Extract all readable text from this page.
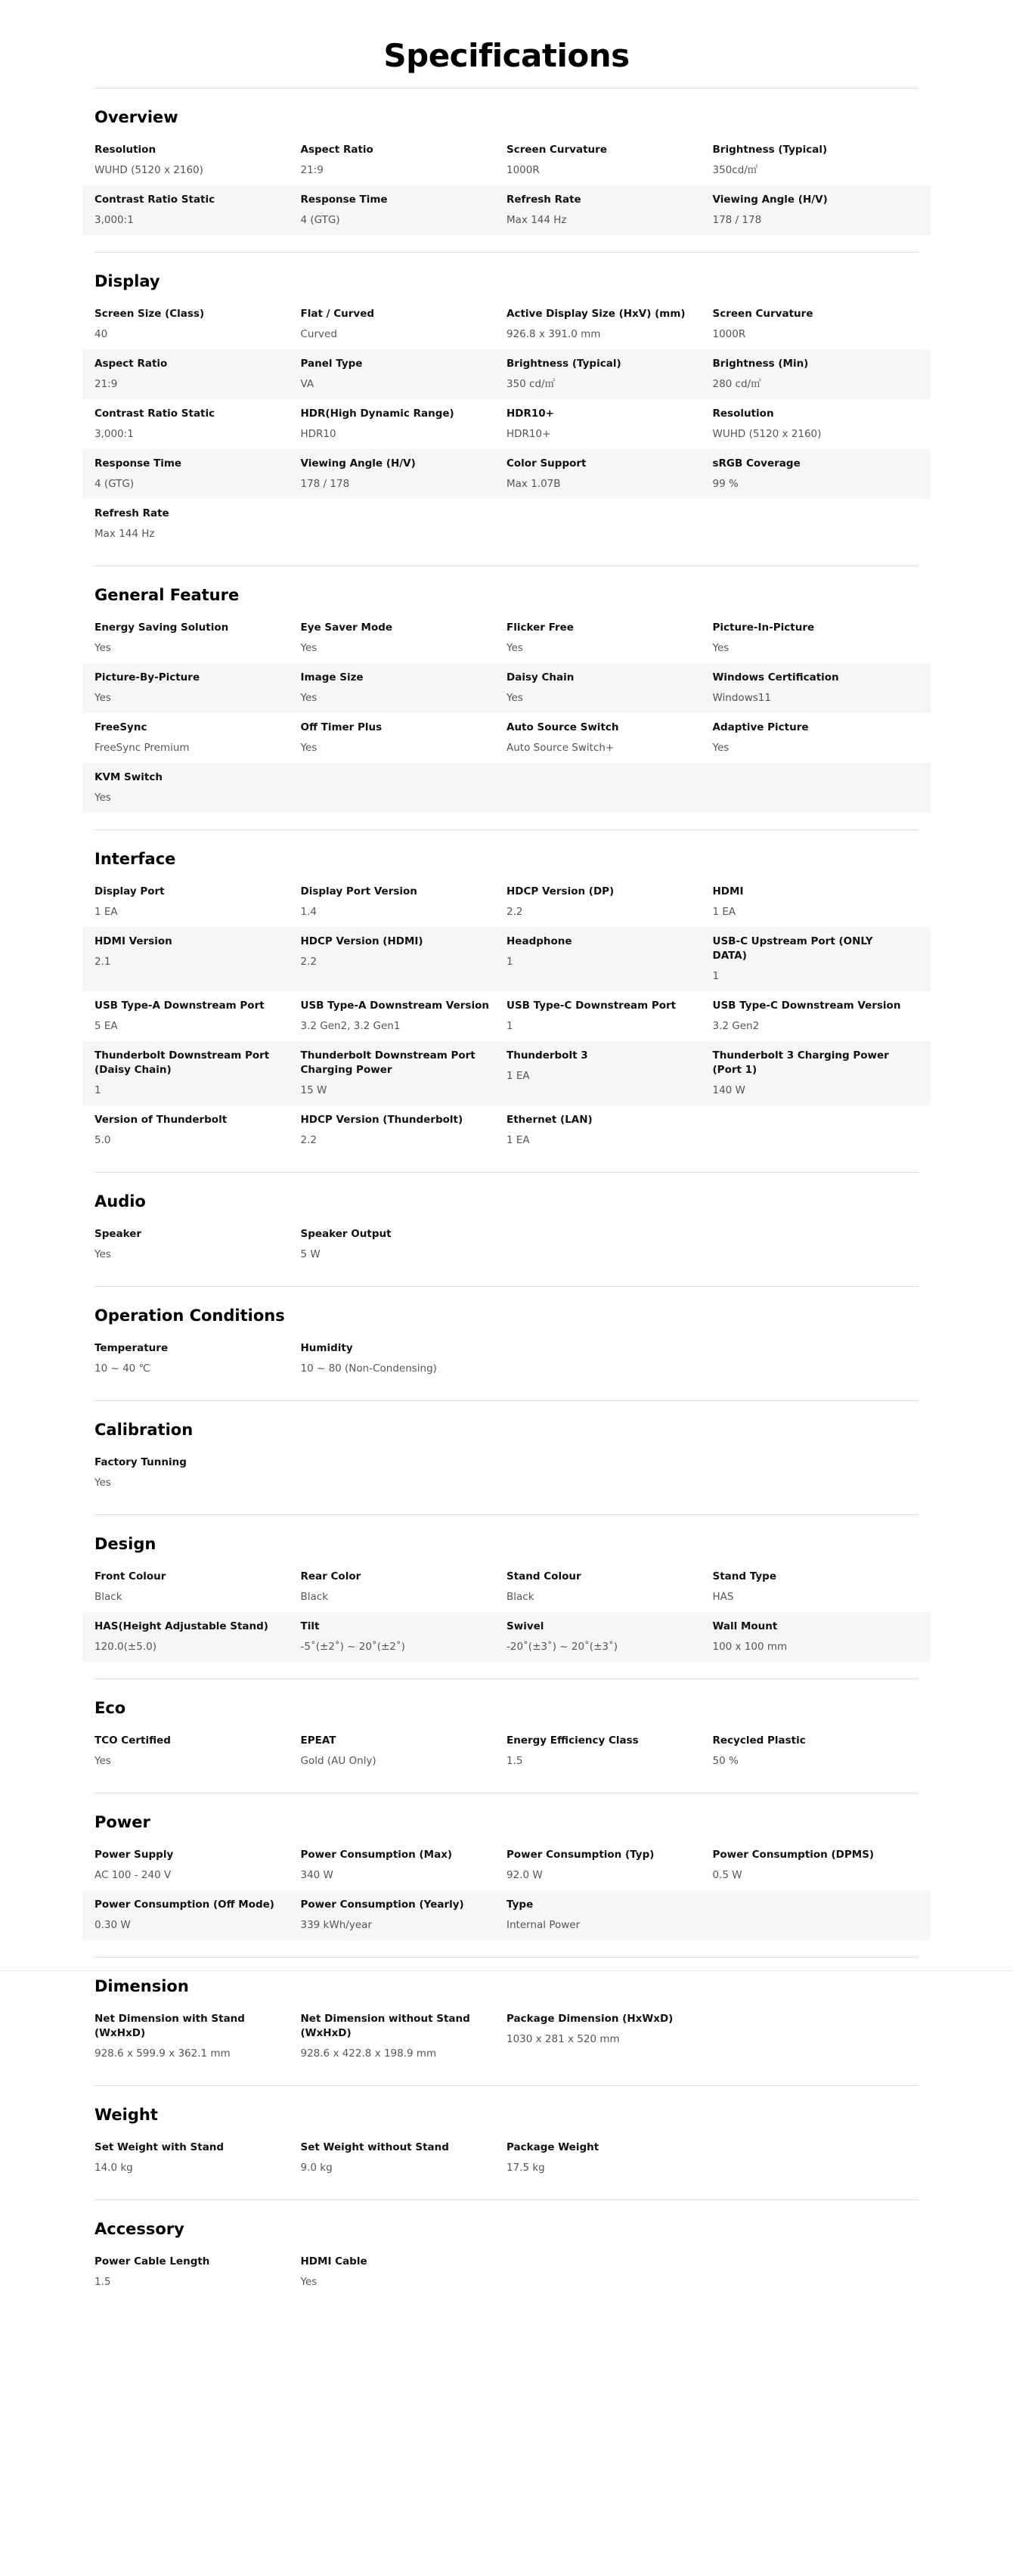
Specifications
Overview
Resolution
WUHD (5120 x 2160)
Aspect Ratio
21:9
Screen Curvature
1000R
Brightness (Typical)
350cd/㎡
Contrast Ratio Static
3,000:1
Response Time
4 (GTG)
Refresh Rate
Max 144 Hz
Viewing Angle (H/V)
178 / 178
Display
Screen Size (Class)
40
Flat / Curved
Curved
Active Display Size (HxV) (mm)
926.8 x 391.0 mm
Screen Curvature
1000R
Aspect Ratio
21:9
Panel Type
VA
Brightness (Typical)
350 cd/㎡
Brightness (Min)
280 cd/㎡
Contrast Ratio Static
3,000:1
HDR(High Dynamic Range)
HDR10
HDR10+
HDR10+
Resolution
WUHD (5120 x 2160)
Response Time
4 (GTG)
Viewing Angle (H/V)
178 / 178
Color Support
Max 1.07B
sRGB Coverage
99 %
Refresh Rate
Max 144 Hz
General Feature
Energy Saving Solution
Yes
Eye Saver Mode
Yes
Flicker Free
Yes
Picture-In-Picture
Yes
Picture-By-Picture
Yes
Image Size
Yes
Daisy Chain
Yes
Windows Certification
Windows11
FreeSync
FreeSync Premium
Off Timer Plus
Yes
Auto Source Switch
Auto Source Switch+
Adaptive Picture
Yes
KVM Switch
Yes
Interface
Display Port
1 EA
Display Port Version
1.4
HDCP Version (DP)
2.2
HDMI
1 EA
HDMI Version
2.1
HDCP Version (HDMI)
2.2
Headphone
1
USB-C Upstream Port (ONLY DATA)
1
USB Type-A Downstream Port
5 EA
USB Type-A Downstream Version
3.2 Gen2, 3.2 Gen1
USB Type-C Downstream Port
1
USB Type-C Downstream Version
3.2 Gen2
Thunderbolt Downstream Port (Daisy Chain)
1
Thunderbolt Downstream Port Charging Power
15 W
Thunderbolt 3
1 EA
Thunderbolt 3 Charging Power (Port 1)
140 W
Version of Thunderbolt
5.0
HDCP Version (Thunderbolt)
2.2
Ethernet (LAN)
1 EA
Audio
Speaker
Yes
Speaker Output
5 W
Operation Conditions
Temperature
10 ~ 40 ℃
Humidity
10 ~ 80 (Non-Condensing)
Calibration
Factory Tunning
Yes
Design
Front Colour
Black
Rear Color
Black
Stand Colour
Black
Stand Type
HAS
HAS(Height Adjustable Stand)
120.0(±5.0)
Tilt
-5˚(±2˚) ~ 20˚(±2˚)
Swivel
-20˚(±3˚) ~ 20˚(±3˚)
Wall Mount
100 x 100 mm
Eco
TCO Certified
Yes
EPEAT
Gold (AU Only)
Energy Efficiency Class
1.5
Recycled Plastic
50 %
Power
Power Supply
AC 100 - 240 V
Power Consumption (Max)
340 W
Power Consumption (Typ)
92.0 W
Power Consumption (DPMS)
0.5 W
Power Consumption (Off Mode)
0.30 W
Power Consumption (Yearly)
339 kWh/year
Type
Internal Power
Dimension
Net Dimension with Stand (WxHxD)
928.6 x 599.9 x 362.1 mm
Net Dimension without Stand (WxHxD)
928.6 x 422.8 x 198.9 mm
Package Dimension (HxWxD)
1030 x 281 x 520 mm
Weight
Set Weight with Stand
14.0 kg
Set Weight without Stand
9.0 kg
Package Weight
17.5 kg
Accessory
Power Cable Length
1.5
HDMI Cable
Yes
